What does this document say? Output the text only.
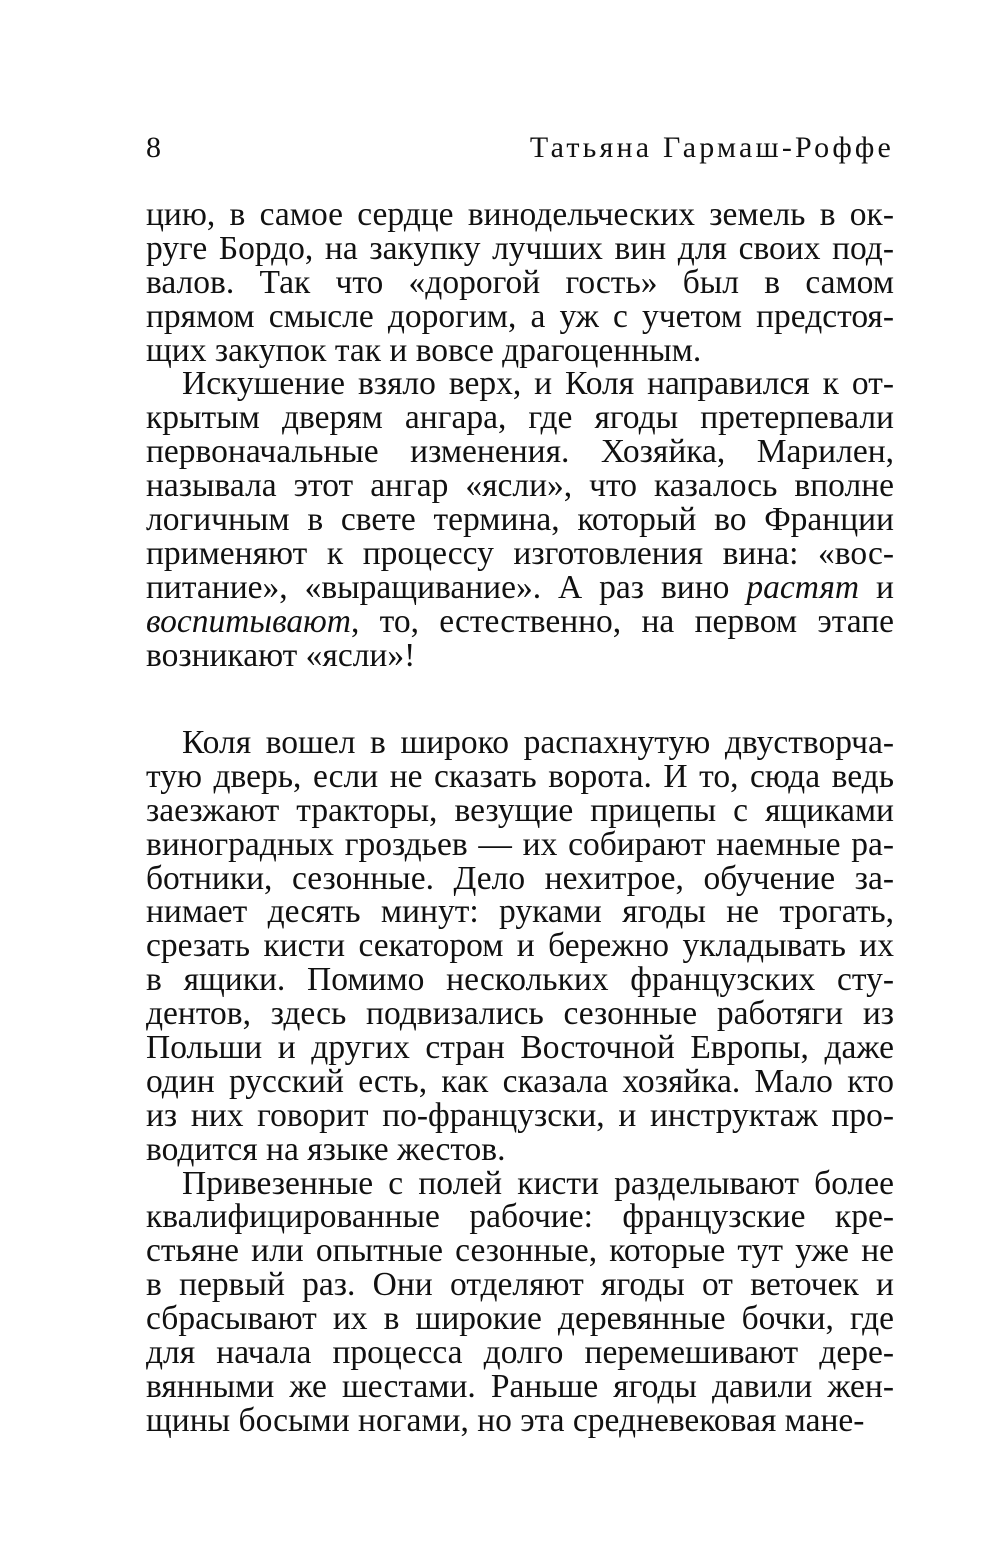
8	Татьяна Гармаш-Роффе
цию, в самое сердце винодельческих земель в ок-
руге Бордо, на закупку лучших вин для своих под-
валов. Так что «дорогой гость» был в самом
прямом смысле дорогим, а уж с учетом предстоя-
щих закупок так и вовсе драгоценным.
Искушение взяло верх, и Коля направился к от-
крытым дверям ангара, где ягоды претерпевали
первоначальные изменения. Хозяйка, Марилен,
называла этот ангар «ясли», что казалось вполне
логичным в свете термина, который во Франции
применяют к процессу изготовления вина: «вос-
питание», «выращивание». А раз вино растят и
воспитывают, то, естественно, на первом этапе
возникают «ясли»!
Коля вошел в широко распахнутую двустворча-
тую дверь, если не сказать ворота. И то, сюда ведь
заезжают тракторы, везущие прицепы с ящиками
виноградных гроздьев — их собирают наемные ра-
ботники, сезонные. Дело нехитрое, обучение за-
нимает десять минут: руками ягоды не трогать,
срезать кисти секатором и бережно укладывать их
в ящики. Помимо нескольких французских сту-
дентов, здесь подвизались сезонные работяги из
Польши и других стран Восточной Европы, даже
один русский есть, как сказала хозяйка. Мало кто
из них говорит по-французски, и инструктаж про-
водится на языке жестов.
Привезенные с полей кисти разделывают более
квалифицированные рабочие: французские кре-
стьяне или опытные сезонные, которые тут уже не
в первый раз. Они отделяют ягоды от веточек и
сбрасывают их в широкие деревянные бочки, где
для начала процесса долго перемешивают дере-
вянными же шестами. Раньше ягоды давили жен-
щины босыми ногами, но эта средневековая мане-
